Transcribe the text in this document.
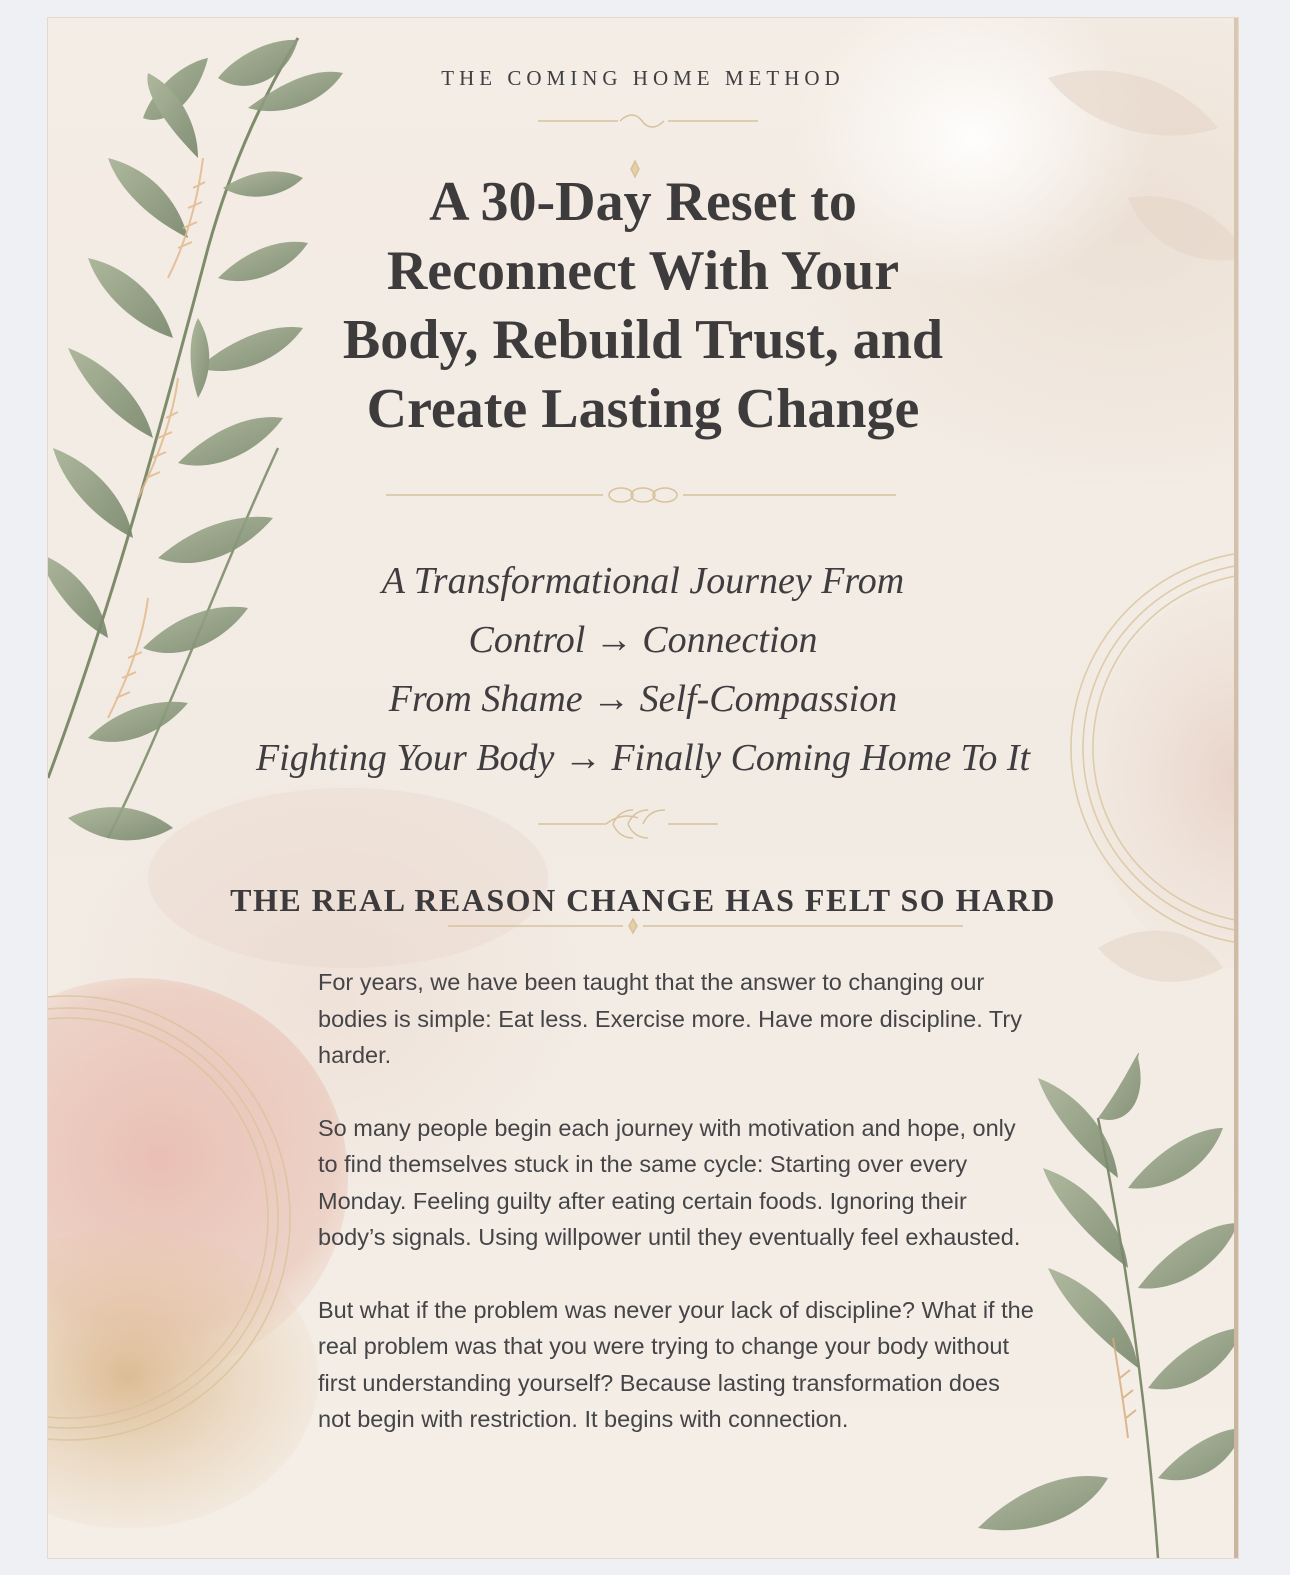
THE COMING HOME METHOD
A 30-Day Reset to
Reconnect With Your
Body, Rebuild Trust, and
Create Lasting Change
A Transformational Journey From
Control → Connection
From Shame → Self-Compassion
Fighting Your Body → Finally Coming Home To It
THE REAL REASON CHANGE HAS FELT SO HARD

For years, we have been taught that the answer to changing our bodies is simple: Eat less. Exercise more. Have more discipline. Try harder.

So many people begin each journey with motivation and hope, only to find themselves stuck in the same cycle: Starting over every Monday. Feeling guilty after eating certain foods. Ignoring their body’s signals. Using willpower until they eventually feel exhausted.

But what if the problem was never your lack of discipline? What if the real problem was that you were trying to change your body without first understanding yourself? Because lasting transformation does not begin with restriction. It begins with connection.
